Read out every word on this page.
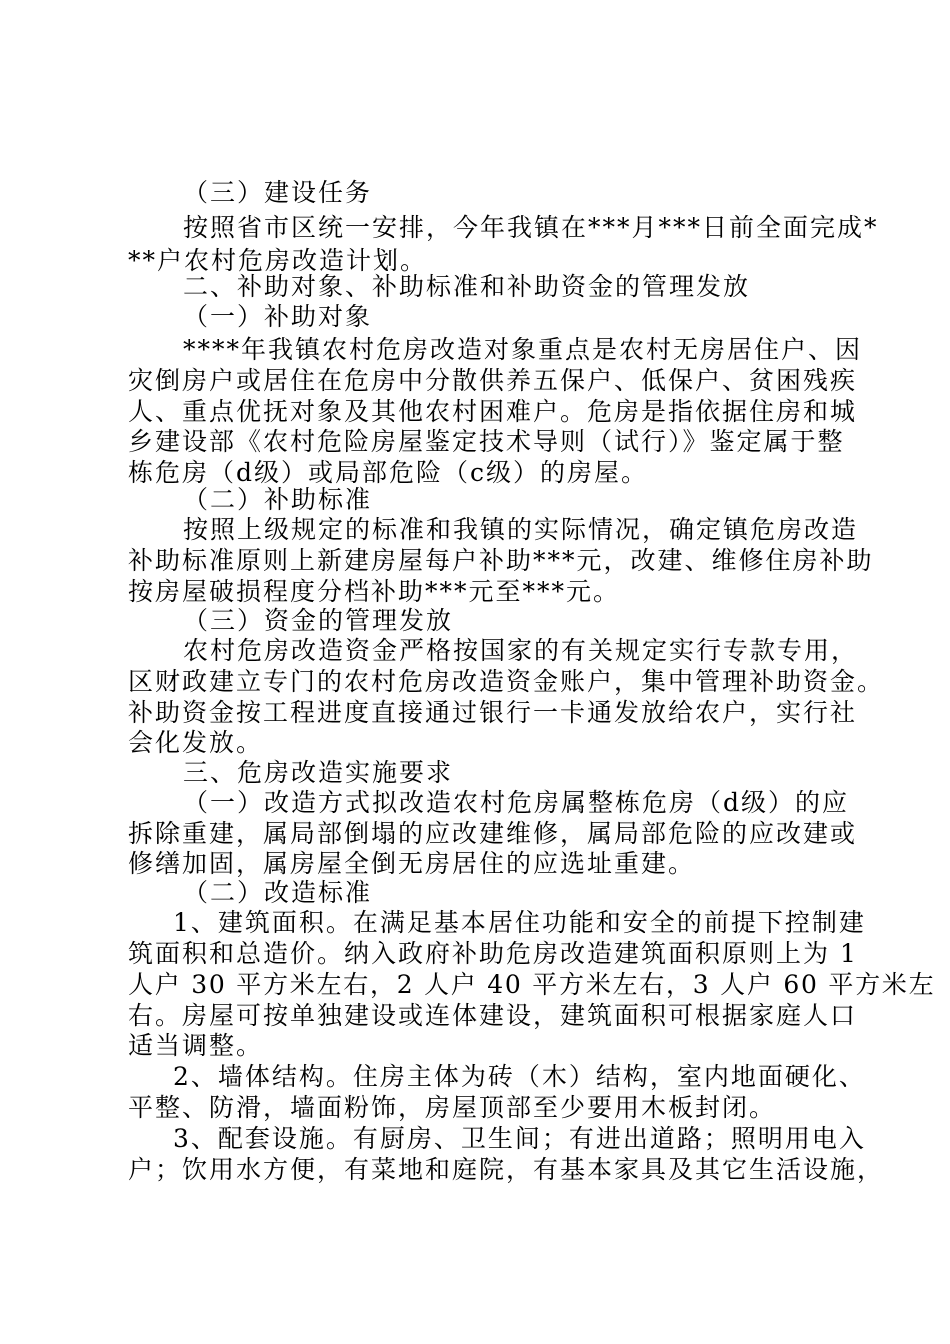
（三）建设任务
按照省市区统一安排，今年我镇在***月***日前全面完成*
**户农村危房改造计划。
二、补助对象、补助标准和补助资金的管理发放
（一）补助对象
****年我镇农村危房改造对象重点是农村无房居住户、因
灾倒房户或居住在危房中分散供养五保户、低保户、贫困残疾
人、重点优抚对象及其他农村困难户。危房是指依据住房和城
乡建设部《农村危险房屋鉴定技术导则（试行）》鉴定属于整
栋危房（d级）或局部危险（c级）的房屋。
（二）补助标准
按照上级规定的标准和我镇的实际情况，确定镇危房改造
补助标准原则上新建房屋每户补助***元，改建、维修住房补助
按房屋破损程度分档补助***元至***元。
（三）资金的管理发放
农村危房改造资金严格按国家的有关规定实行专款专用，
区财政建立专门的农村危房改造资金账户，集中管理补助资金。
补助资金按工程进度直接通过银行一卡通发放给农户，实行社
会化发放。
三、危房改造实施要求
（一）改造方式拟改造农村危房属整栋危房（d级）的应
拆除重建，属局部倒塌的应改建维修，属局部危险的应改建或
修缮加固，属房屋全倒无房居住的应选址重建。
（二）改造标准
1、建筑面积。在满足基本居住功能和安全的前提下控制建
筑面积和总造价。纳入政府补助危房改造建筑面积原则上为 1
人户 30 平方米左右，2 人户 40 平方米左右，3 人户 60 平方米左
右。房屋可按单独建设或连体建设，建筑面积可根据家庭人口
适当调整。
2、墙体结构。住房主体为砖（木）结构，室内地面硬化、
平整、防滑，墙面粉饰，房屋顶部至少要用木板封闭。
3、配套设施。有厨房、卫生间；有进出道路；照明用电入
户；饮用水方便，有菜地和庭院，有基本家具及其它生活设施，
